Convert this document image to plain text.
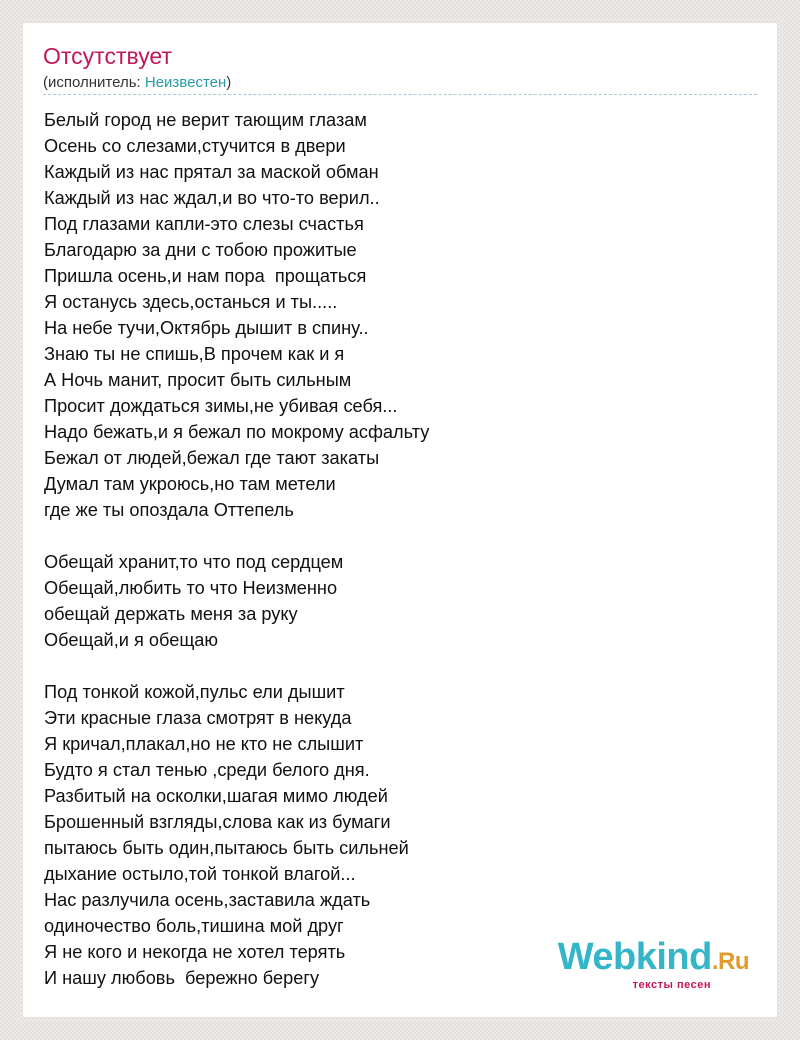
Отсутствует
(исполнитель: Неизвестен)
Белый город не верит тающим глазам
Осень со слезами,стучится в двери
Каждый из нас прятал за маской обман
Каждый из нас ждал,и во что-то верил..
Под глазами капли-это слезы счастья
Благодарю за дни с тобою прожитые
Пришла осень,и нам пора  прощаться
Я останусь здесь,останься и ты.....
На небе тучи,Октябрь дышит в спину..
Знаю ты не спишь,В прочем как и я
А Ночь манит, просит быть сильным
Просит дождаться зимы,не убивая себя...
Надо бежать,и я бежал по мокрому асфальту
Бежал от людей,бежал где тают закаты
Думал там укроюсь,но там метели
где же ты опоздала Оттепель
Обещай хранит,то что под сердцем
Обещай,любить то что Неизменно
обещай держать меня за руку
Обещай,и я обещаю
Под тонкой кожой,пульс ели дышит
Эти красные глаза смотрят в некуда
Я кричал,плакал,но не кто не слышит
Будто я стал тенью ,среди белого дня.
Разбитый на осколки,шагая мимо людей
Брошенный взгляды,слова как из бумаги
пытаюсь быть один,пытаюсь быть сильней
дыхание остыло,той тонкой влагой...
Нас разлучила осень,заставила ждать
одиночество боль,тишина мой друг
Я не кого и некогда не хотел терять
И нашу любовь  бережно берегу	Webkind.Ru
тексты песен
